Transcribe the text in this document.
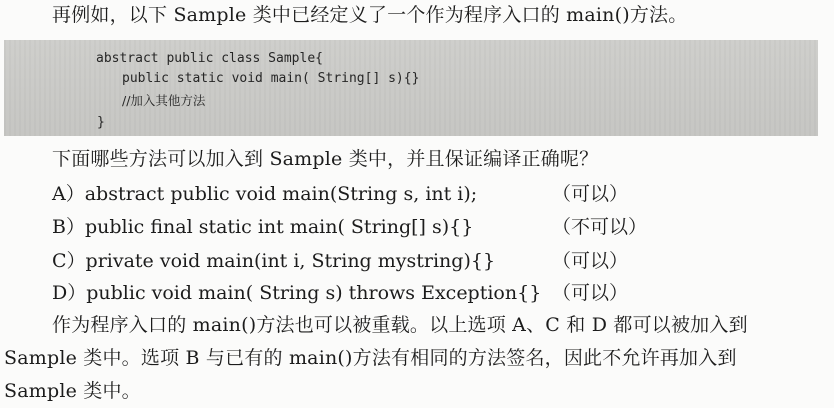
再例如，以下 Sample 类中已经定义了一个作为程序入口的 main()方法。
abstract public class Sample{
public static void main( String[] s){}
//加入其他方法
}
下面哪些方法可以加入到 Sample 类中，并且保证编译正确呢？
A）abstract public void main(String s, int i);	（可以）
B）public final static int main( String[] s){}	（不可以）
C）private void main(int i, String mystring){}	（可以）
D）public void main( String s) throws Exception{} （可以）
作为程序入口的 main()方法也可以被重载。以上选项 A、C 和 D 都可以被加入到
Sample 类中。选项 B 与已有的 main()方法有相同的方法签名，因此不允许再加入到
Sample 类中。
